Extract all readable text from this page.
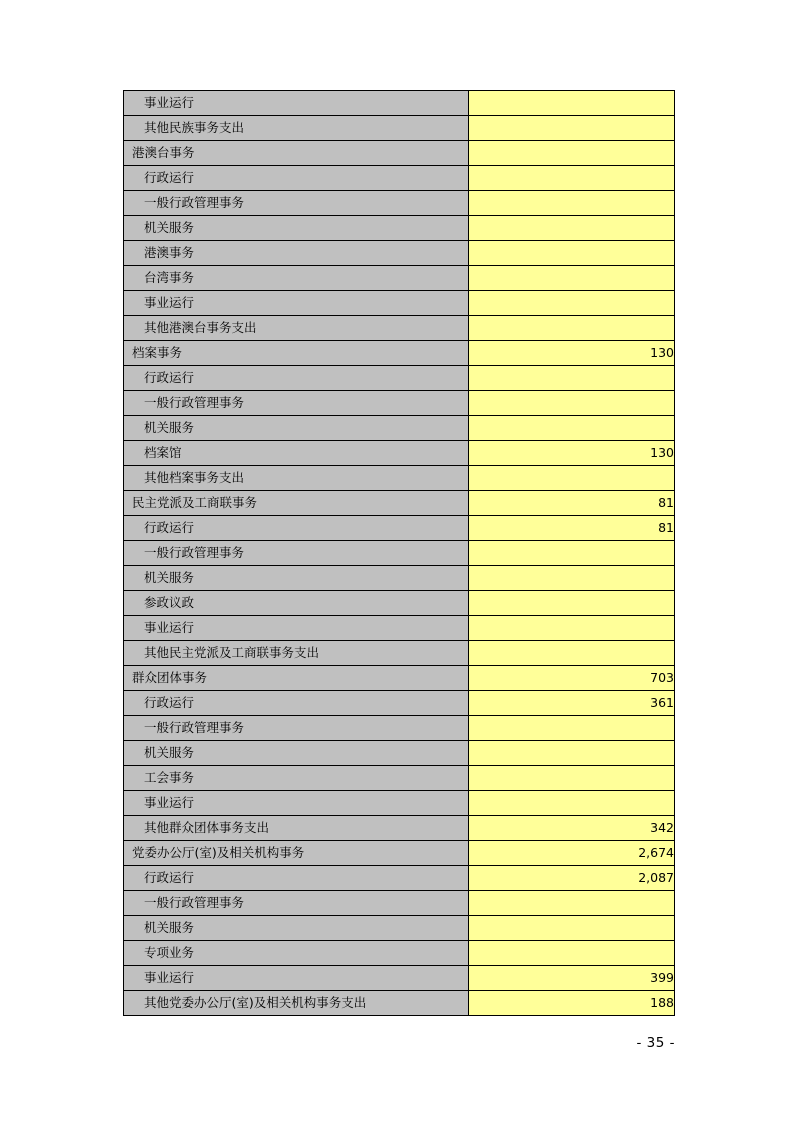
事业运行	
其他民族事务支出	
港澳台事务	
行政运行	
一般行政管理事务	
机关服务	
港澳事务	
台湾事务	
事业运行	
其他港澳台事务支出	
档案事务	130
行政运行	
一般行政管理事务	
机关服务	
档案馆	130
其他档案事务支出	
民主党派及工商联事务	81
行政运行	81
一般行政管理事务	
机关服务	
参政议政	
事业运行	
其他民主党派及工商联事务支出	
群众团体事务	703
行政运行	361
一般行政管理事务	
机关服务	
工会事务	
事业运行	
其他群众团体事务支出	342
党委办公厅(室)及相关机构事务	2,674
行政运行	2,087
一般行政管理事务	
机关服务	
专项业务	
事业运行	399
其他党委办公厅(室)及相关机构事务支出	188
- 35 -
